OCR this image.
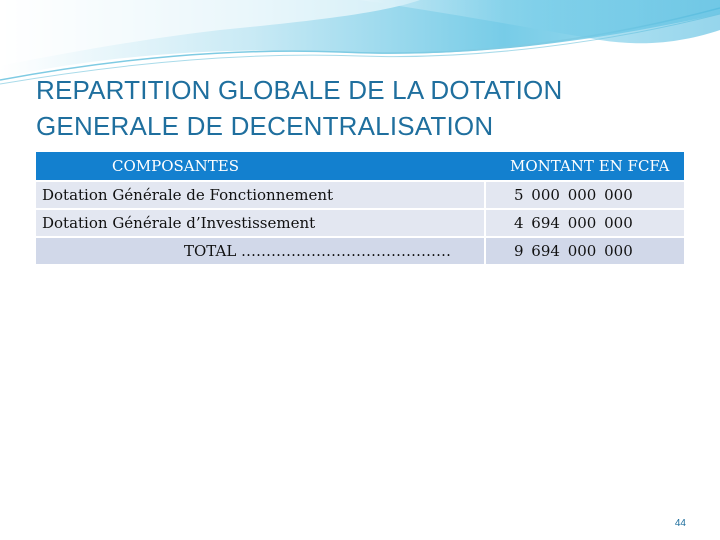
REPARTITION GLOBALE DE LA DOTATION
GENERALE DE DECENTRALISATION
COMPOSANTES	MONTANT EN FCFA
Dotation Générale de Fonctionnement	5 000 000 000
Dotation Générale d’Investissement	4 694 000 000
TOTAL ……………………………………	9 694 000 000
44
